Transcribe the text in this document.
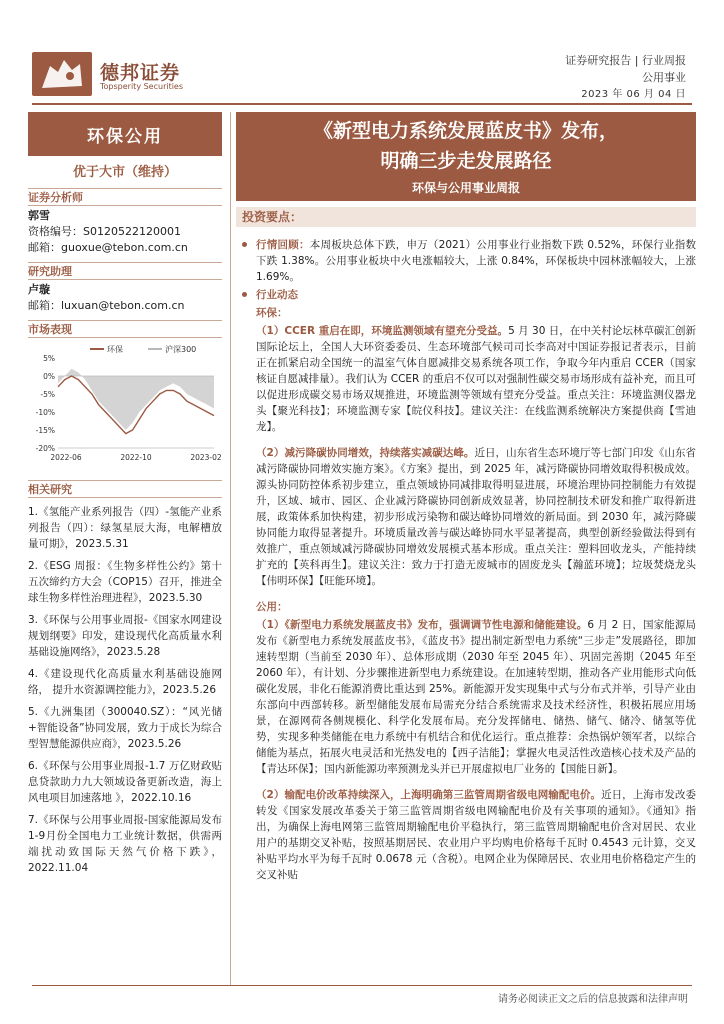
德邦证券
Topsperity Securities
证券研究报告 | 行业周报
公用事业
2023 年 06 月 04 日
环保公用
优于大市（维持）
证券分析师
郭雪
资格编号：S0120522120001
邮箱：guoxue@tebon.com.cn
研究助理
卢璇
邮箱：luxuan@tebon.com.cn
市场表现
环保	沪深300
5%
0%
-5%
-10%
-15%
-20%
2022-06	2022-10	2023-02
相关研究
1.《氢能产业系列报告（四）-氢能产业系列报告（四）：绿氢星辰大海，电解槽放量可期》，2023.5.31
2.《ESG 周报：《生物多样性公约》第十五次缔约方大会（COP15）召开，推进全球生物多样性治理进程》，2023.5.30
3.《环保与公用事业周报-《国家水网建设规划纲要》印发，建设现代化高质量水利基础设施网络》，2023.5.28
4.《建设现代化高质量水利基础设施网络， 提升水资源调控能力》，2023.5.26
5.《九洲集团（300040.SZ）：“风光储+智能设备”协同发展，致力于成长为综合型智慧能源供应商》，2023.5.26
6.《环保与公用事业周报-1.7 万亿财政贴息贷款助力九大领域设备更新改造，海上风电项目加速落地 》，2022.10.16
7.《环保与公用事业周报-国家能源局发布 1-9月份全国电力工业统计数据，供需两端扰动致国际天然气价格下跌》，2022.11.04
《新型电力系统发展蓝皮书》发布，
明确三步走发展路径
环保与公用事业周报
投资要点：
行情回顾：本周板块总体下跌，申万（2021）公用事业行业指数下跌 0.52%，环保行业指数下跌 1.38%。公用事业板块中火电涨幅较大，上涨 0.84%，环保板块中园林涨幅较大，上涨 1.69%。
行业动态
环保：
（1）CCER 重启在即，环境监测领域有望充分受益。5 月 30 日，在中关村论坛林草碳汇创新国际论坛上，全国人大环资委委员、生态环境部气候司司长李高对中国证券报记者表示，目前正在抓紧启动全国统一的温室气体自愿减排交易系统各项工作，争取今年内重启 CCER（国家核证自愿减排量）。我们认为 CCER 的重启不仅可以对强制性碳交易市场形成有益补充，而且可以促进形成碳交易市场双规推进，环境监测等领域有望充分受益。重点关注：环境监测仪器龙头【聚光科技】；环境监测专家【皖仪科技】。建议关注：在线监测系统解决方案提供商【雪迪龙】。
（2）减污降碳协同增效，持续落实减碳达峰。近日，山东省生态环境厅等七部门印发《山东省减污降碳协同增效实施方案》。《方案》提出，到 2025 年，减污降碳协同增效取得积极成效。源头协同防控体系初步建立，重点领域协同减排取得明显进展，环境治理协同控制能力有效提升，区域、城市、园区、企业减污降碳协同创新成效显著，协同控制技术研发和推广取得新进展，政策体系加快构建，初步形成污染物和碳达峰协同增效的新局面。到 2030 年，减污降碳协同能力取得显著提升。环境质量改善与碳达峰协同水平显著提高，典型创新经验做法得到有效推广，重点领域减污降碳协同增效发展模式基本形成。重点关注：塑料回收龙头，产能持续扩充的【英科再生】。建议关注：致力于打造无废城市的固废龙头【瀚蓝环境】；垃圾焚烧龙头【伟明环保】【旺能环境】。
公用：
（1）《新型电力系统发展蓝皮书》发布，强调调节性电源和储能建设。6 月 2 日，国家能源局发布《新型电力系统发展蓝皮书》，《蓝皮书》提出制定新型电力系统“三步走”发展路径，即加速转型期（当前至 2030 年）、总体形成期（2030 年至 2045 年）、巩固完善期（2045 年至 2060 年），有计划、分步骤推进新型电力系统建设。在加速转型期，推动各产业用能形式向低碳化发展，非化石能源消费比重达到 25%。新能源开发实现集中式与分布式并举，引导产业由东部向中西部转移。新型储能发展布局需充分结合系统需求及技术经济性，积极拓展应用场景，在源网荷各侧规模化、科学化发展布局。充分发挥储电、储热、储气、储冷、储氢等优势，实现多种类储能在电力系统中有机结合和优化运行。重点推荐：余热锅炉领军者，以综合储能为基点，拓展火电灵活和光热发电的【西子洁能】；掌握火电灵活性改造核心技术及产品的【青达环保】；国内新能源功率预测龙头并已开展虚拟电厂业务的【国能日新】。
（2）输配电价改革持续深入，上海明确第三监管周期省级电网输配电价。近日，上海市发改委转发《国家发展改革委关于第三监管周期省级电网输配电价及有关事项的通知》。《通知》指出，为确保上海电网第三监管周期输配电价平稳执行，第三监管周期输配电价含对居民、农业用户的基期交叉补贴，按照基期居民、农业用户平均购电价格每千瓦时 0.4543 元计算，交叉补贴平均水平为每千瓦时 0.0678 元（含税）。电网企业为保障居民、农业用电价格稳定产生的交叉补贴
请务必阅读正文之后的信息披露和法律声明
